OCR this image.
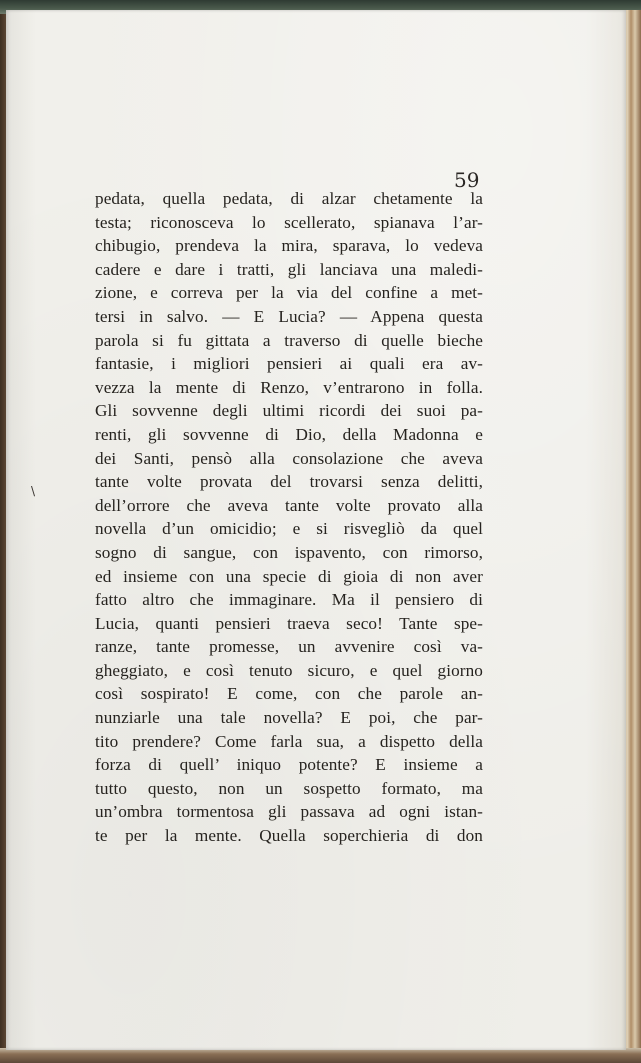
59
\
pedata, quella pedata, di alzar chetamente la
testa; riconosceva lo scellerato, spianava l’ar-
chibugio, prendeva la mira, sparava, lo vedeva
cadere e dare i tratti, gli lanciava una maledi-
zione, e correva per la via del confine a met-
tersi in salvo. — E Lucia? — Appena questa
parola si fu gittata a traverso di quelle bieche
fantasie, i migliori pensieri ai quali era av-
vezza la mente di Renzo, v’entrarono in folla.
Gli sovvenne degli ultimi ricordi dei suoi pa-
renti, gli sovvenne di Dio, della Madonna e
dei Santi, pensò alla consolazione che aveva
tante volte provata del trovarsi senza delitti,
dell’orrore che aveva tante volte provato alla
novella d’un omicidio; e si risvegliò da quel
sogno di sangue, con ispavento, con rimorso,
ed insieme con una specie di gioia di non aver
fatto altro che immaginare. Ma il pensiero di
Lucia, quanti pensieri traeva seco! Tante spe-
ranze, tante promesse, un avvenire così va-
gheggiato, e così tenuto sicuro, e quel giorno
così sospirato! E come, con che parole an-
nunziarle una tale novella? E poi, che par-
tito prendere? Come farla sua, a dispetto della
forza di quell’ iniquo potente? E insieme a
tutto questo, non un sospetto formato, ma
un’ombra tormentosa gli passava ad ogni istan-
te per la mente. Quella soperchieria di don
